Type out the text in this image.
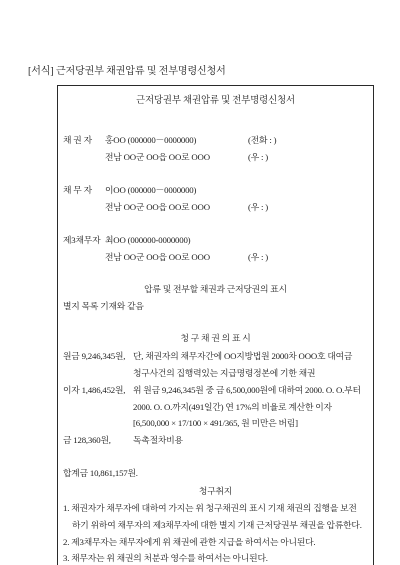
[서식] 근저당권부 채권압류 및 전부명령신청서
근저당권부 채권압류 및 전부명령신청서
채 권 자 홍OO (000000－0000000)	(전화 : )
전남 OO군 OO읍 OO로 OOO	(우 : )
채 무 자 이OO (000000－0000000)
전남 OO군 OO읍 OO로 OOO	(우 : )
제3채무자 최OO (000000-0000000)
전남 OO군 OO읍 OO로 OOO	(우 : )
압류 및 전부할 채권과 근저당권의 표시
별지 목록 기재와 같음
청 구 채 권 의 표 시
원금 9,246,345원, 단, 채권자의 채무자간에 OO지방법원 2000차 OOO호 대여금
청구사건의 집행력있는 지급명령정본에 기한 채권
이자 1,486,452원, 위 원금 9,246,345원 중 금 6,500,000원에 대하여 2000. O. O.부터
2000. O. O.까지(491일간) 연 17%의 비율로 계산한 이자
[6,500,000 × 17/100 × 491/365, 원 미만은 버림]
금 128,360원,	독촉절차비용
합계금 10,861,157원.
청구취지
1. 채권자가 채무자에 대하여 가지는 위 청구채권의 표시 기재 채권의 집행을 보전
하기 위하여 채무자의 제3채무자에 대한 별지 기재 근저당권부 채권을 압류한다.
2. 제3채무자는 채무자에게 위 채권에 관한 지급을 하여서는 아니된다.
3. 채무자는 위 채권의 처분과 영수를 하여서는 아니된다.
